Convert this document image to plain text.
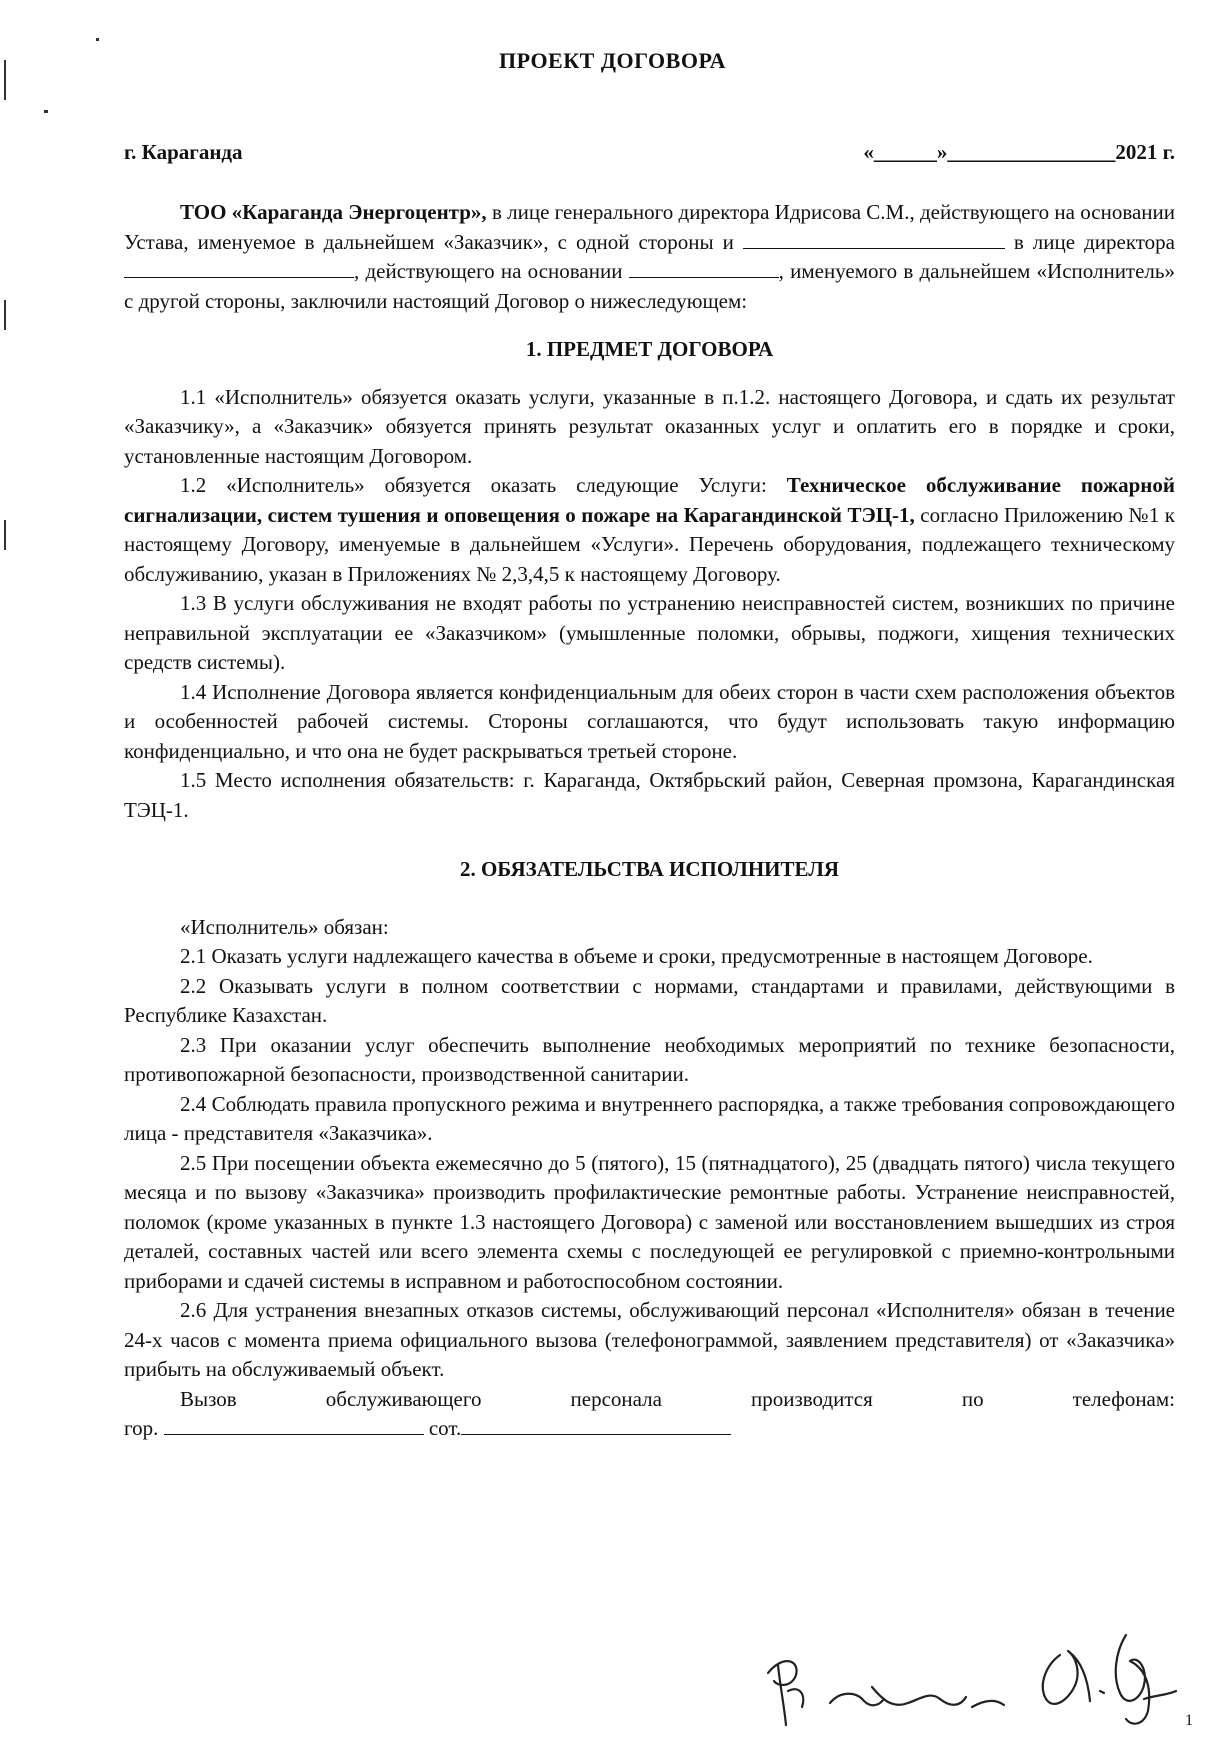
ПРОЕКТ ДОГОВОРА
г. Караганда	«______»________________2021 г.

ТОО «Караганда Энергоцентр», в лице генерального директора Идрисова С.М., действующего на основании Устава, именуемое в дальнейшем «Заказчик», с одной стороны и	в лице директора , действующего на основании	, именуемого в дальнейшем «Исполнитель» с другой стороны, заключили настоящий Договор о нижеследующем:

1. ПРЕДМЕТ ДОГОВОРА

1.1 «Исполнитель» обязуется оказать услуги, указанные в п.1.2. настоящего Договора, и сдать их результат «Заказчику», а «Заказчик» обязуется принять результат оказанных услуг и оплатить его в порядке и сроки, установленные настоящим Договором.

1.2 «Исполнитель» обязуется оказать следующие Услуги: Техническое обслуживание пожарной сигнализации, систем тушения и оповещения о пожаре на Карагандинской ТЭЦ-1, согласно Приложению №1 к настоящему Договору, именуемые в дальнейшем «Услуги». Перечень оборудования, подлежащего техническому обслуживанию, указан в Приложениях № 2,3,4,5 к настоящему Договору.

1.3 В услуги обслуживания не входят работы по устранению неисправностей систем, возникших по причине неправильной эксплуатации ее «Заказчиком» (умышленные поломки, обрывы, поджоги, хищения технических средств системы).

1.4 Исполнение Договора является конфиденциальным для обеих сторон в части схем расположения объектов и особенностей рабочей системы. Стороны соглашаются, что будут использовать такую информацию конфиденциально, и что она не будет раскрываться третьей стороне.

1.5 Место исполнения обязательств: г. Караганда, Октябрьский район, Северная промзона, Карагандинская ТЭЦ-1.

2. ОБЯЗАТЕЛЬСТВА ИСПОЛНИТЕЛЯ

«Исполнитель» обязан:

2.1 Оказать услуги надлежащего качества в объеме и сроки, предусмотренные в настоящем Договоре.

2.2 Оказывать услуги в полном соответствии с нормами, стандартами и правилами, действующими в Республике Казахстан.

2.3 При оказании услуг обеспечить выполнение необходимых мероприятий по технике безопасности, противопожарной безопасности, производственной санитарии.

2.4 Соблюдать правила пропускного режима и внутреннего распорядка, а также требования сопровождающего лица - представителя «Заказчика».

2.5 При посещении объекта ежемесячно до 5 (пятого), 15 (пятнадцатого), 25 (двадцать пятого) числа текущего месяца и по вызову «Заказчика» производить профилактические ремонтные работы. Устранение неисправностей, поломок (кроме указанных в пункте 1.3 настоящего Договора) с заменой или восстановлением вышедших из строя деталей, составных частей или всего элемента схемы с последующей ее регулировкой с приемно-контрольными приборами и сдачей системы в исправном и работоспособном состоянии.

2.6 Для устранения внезапных отказов системы, обслуживающий персонал «Исполнителя» обязан в течение 24-х часов с момента приема официального вызова (телефонограммой, заявлением представителя) от «Заказчика» прибыть на обслуживаемый объект.

Вызов обслуживающего персонала производится по телефонам:

гор.	сот.

1
